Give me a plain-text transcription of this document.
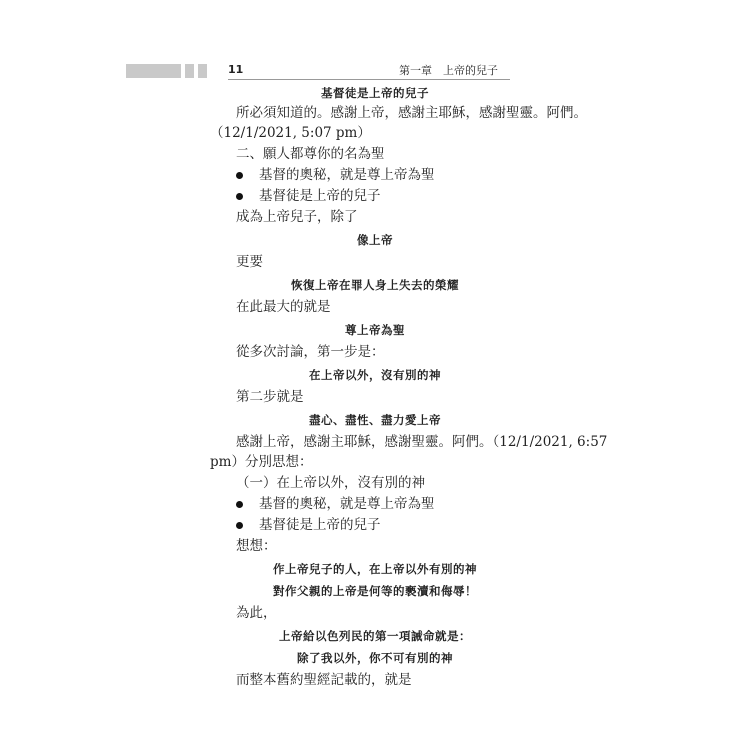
11	第一章　上帝的兒子
基督徒是上帝的兒子
所必須知道的。感謝上帝，感謝主耶穌，感謝聖靈。阿們。
（12/1/2021, 5:07 pm）
二、願人都尊你的名為聖
基督的奧秘，就是尊上帝為聖
基督徒是上帝的兒子
成為上帝兒子，除了
像上帝
更要
恢復上帝在罪人身上失去的榮耀
在此最大的就是
尊上帝為聖
從多次討論，第一步是：
在上帝以外，沒有別的神
第二步就是
盡心、盡性、盡力愛上帝
感謝上帝，感謝主耶穌，感謝聖靈。阿們。（12/1/2021, 6:57
pm）分別思想：
（一）在上帝以外，沒有別的神
基督的奧秘，就是尊上帝為聖
基督徒是上帝的兒子
想想：
作上帝兒子的人，在上帝以外有別的神
對作父親的上帝是何等的褻瀆和侮辱！
為此，
上帝給以色列民的第一項誡命就是：
除了我以外，你不可有別的神
而整本舊約聖經記載的，就是
